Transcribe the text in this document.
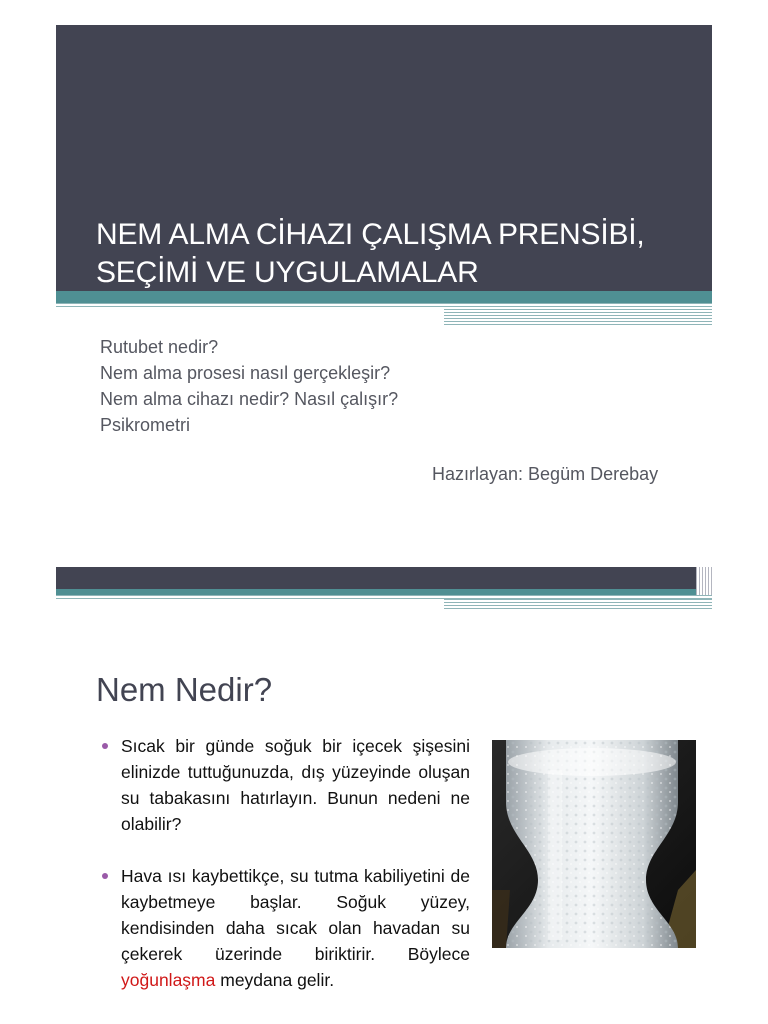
NEM ALMA CİHAZI ÇALIŞMA PRENSİBİ,
SEÇİMİ VE UYGULAMALAR
Rutubet nedir?
Nem alma prosesi nasıl gerçekleşir?
Nem alma cihazı nedir? Nasıl çalışır?
Psikrometri
Hazırlayan: Begüm Derebay
Nem Nedir?
Sıcak bir günde soğuk bir içecek şişesini elinizde tuttuğunuzda, dış yüzeyinde oluşan su tabakasını hatırlayın. Bunun nedeni ne olabilir?
Hava ısı kaybettikçe, su tutma kabiliyetini de kaybetmeye başlar. Soğuk yüzey, kendisinden daha sıcak olan havadan su çekerek üzerinde biriktirir. Böylece yoğunlaşma meydana gelir.
